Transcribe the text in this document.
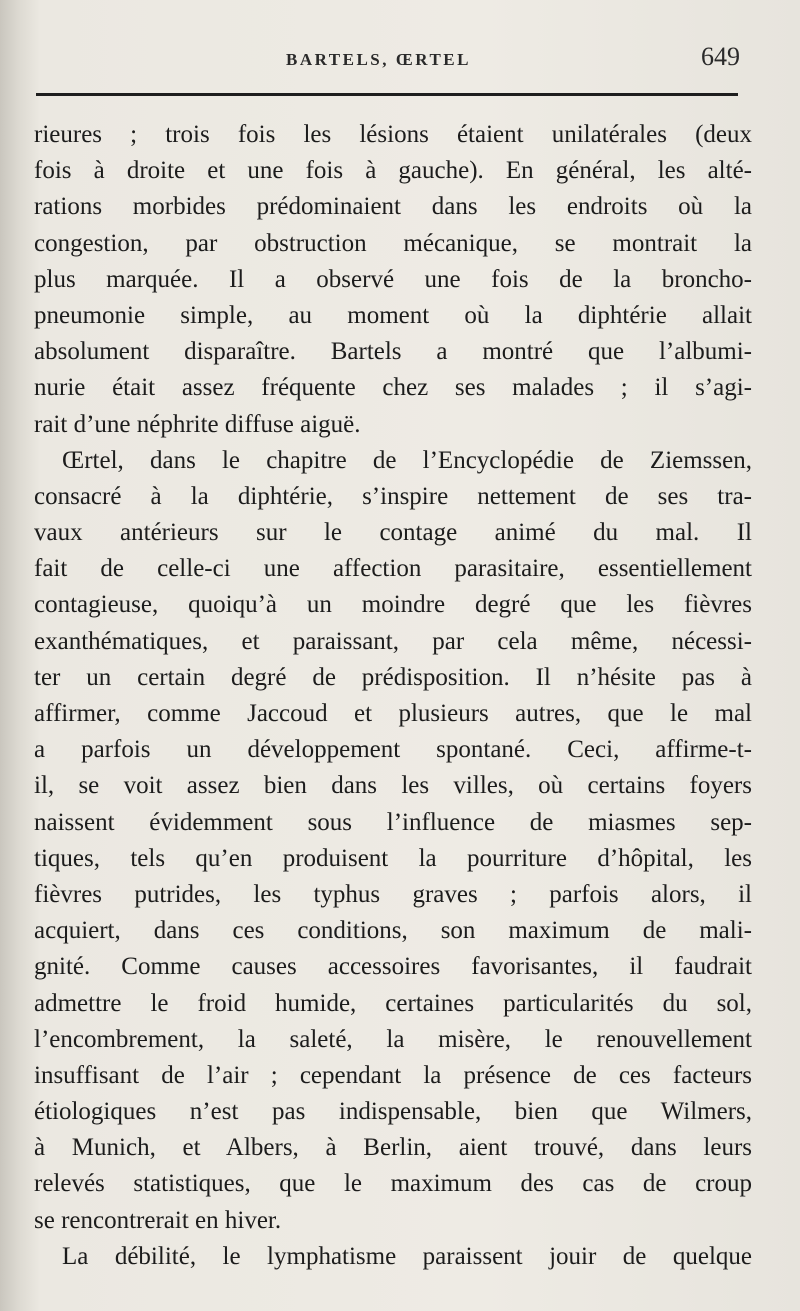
BARTELS, ŒRTEL	649
rieures ; trois fois les lésions étaient unilatérales (deux
fois à droite et une fois à gauche). En général, les alté-
rations morbides prédominaient dans les endroits où la
congestion, par obstruction mécanique, se montrait la
plus marquée. Il a observé une fois de la broncho-
pneumonie simple, au moment où la diphtérie allait
absolument disparaître. Bartels a montré que l’albumi-
nurie était assez fréquente chez ses malades ; il s’agi-
rait d’une néphrite diffuse aiguë.
Œrtel, dans le chapitre de l’Encyclopédie de Ziemssen,
consacré à la diphtérie, s’inspire nettement de ses tra-
vaux antérieurs sur le contage animé du mal. Il
fait de celle-ci une affection parasitaire, essentiellement
contagieuse, quoiqu’à un moindre degré que les fièvres
exanthématiques, et paraissant, par cela même, nécessi-
ter un certain degré de prédisposition. Il n’hésite pas à
affirmer, comme Jaccoud et plusieurs autres, que le mal
a parfois un développement spontané. Ceci, affirme-t-
il, se voit assez bien dans les villes, où certains foyers
naissent évidemment sous l’influence de miasmes sep-
tiques, tels qu’en produisent la pourriture d’hôpital, les
fièvres putrides, les typhus graves ; parfois alors, il
acquiert, dans ces conditions, son maximum de mali-
gnité. Comme causes accessoires favorisantes, il faudrait
admettre le froid humide, certaines particularités du sol,
l’encombrement, la saleté, la misère, le renouvellement
insuffisant de l’air ; cependant la présence de ces facteurs
étiologiques n’est pas indispensable, bien que Wilmers,
à Munich, et Albers, à Berlin, aient trouvé, dans leurs
relevés statistiques, que le maximum des cas de croup
se rencontrerait en hiver.
La débilité, le lymphatisme paraissent jouir de quelque
